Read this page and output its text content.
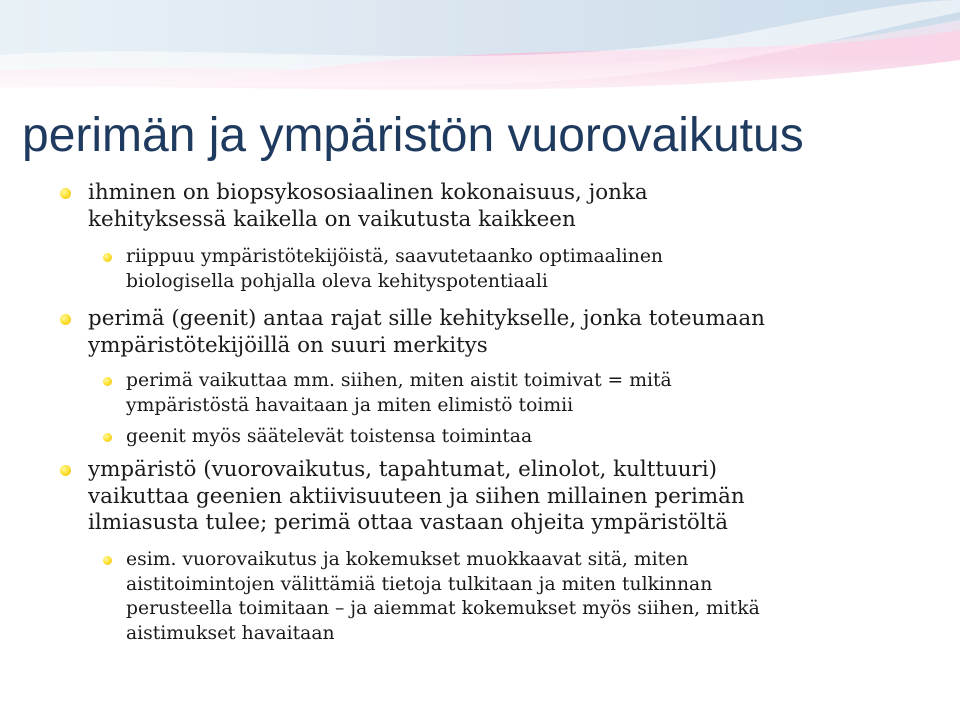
perimän ja ympäristön vuorovaikutus
ihminen on biopsykososiaalinen kokonaisuus, jonka
kehityksessä kaikella on vaikutusta kaikkeen
riippuu ympäristötekijöistä, saavutetaanko optimaalinen
biologisella pohjalla oleva kehityspotentiaali
perimä (geenit) antaa rajat sille kehitykselle, jonka toteumaan
ympäristötekijöillä on suuri merkitys
perimä vaikuttaa mm. siihen, miten aistit toimivat = mitä
ympäristöstä havaitaan ja miten elimistö toimii
geenit myös säätelevät toistensa toimintaa
ympäristö (vuorovaikutus, tapahtumat, elinolot, kulttuuri)
vaikuttaa geenien aktiivisuuteen ja siihen millainen perimän
ilmiasusta tulee; perimä ottaa vastaan ohjeita ympäristöltä
esim. vuorovaikutus ja kokemukset muokkaavat sitä, miten
aistitoimintojen välittämiä tietoja tulkitaan ja miten tulkinnan
perusteella toimitaan – ja aiemmat kokemukset myös siihen, mitkä
aistimukset havaitaan
